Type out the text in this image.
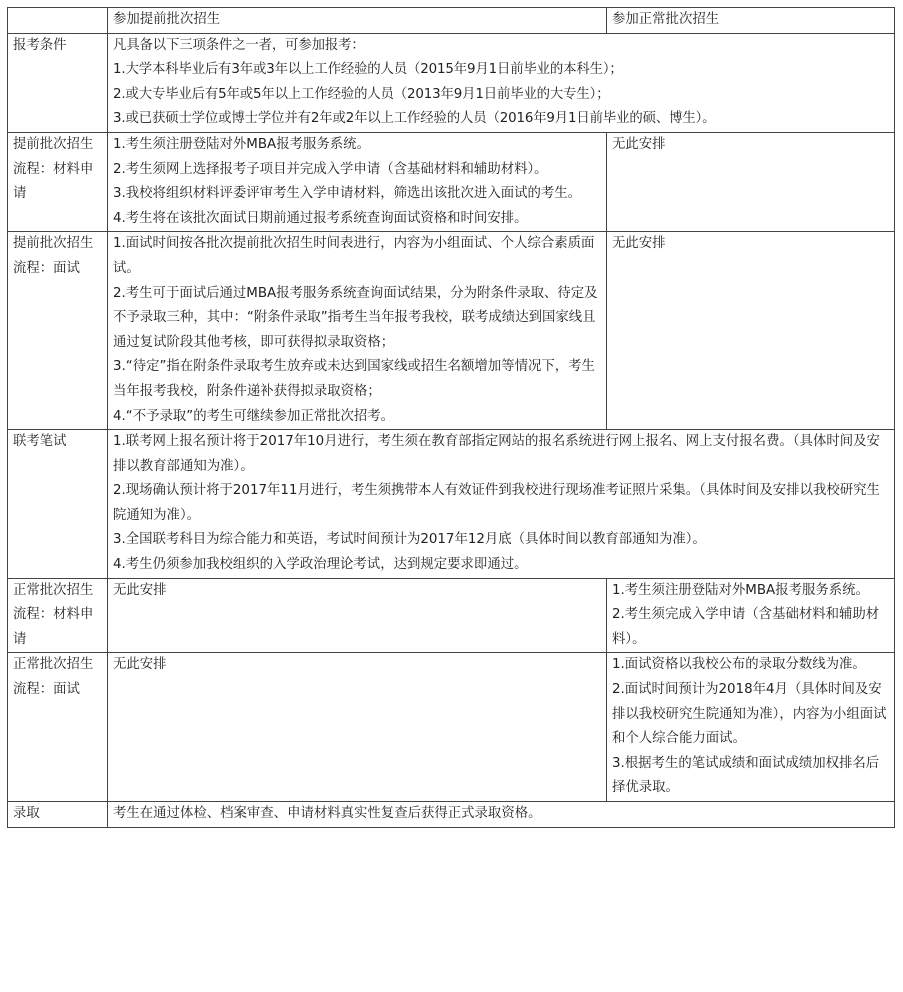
	参加提前批次招生	参加正常批次招生
报考条件	凡具备以下三项条件之一者，可参加报考：
1.大学本科毕业后有3年或3年以上工作经验的人员（2015年9月1日前毕业的本科生）；
2.或大专毕业后有5年或5年以上工作经验的人员（2013年9月1日前毕业的大专生）；
3.或已获硕士学位或博士学位并有2年或2年以上工作经验的人员（2016年9月1日前毕业的硕、博生）。	

提前批次招生流程：材料申请	1.考生须注册登陆对外MBA报考服务系统。
2.考生须网上选择报考子项目并完成入学申请（含基础材料和辅助材料）。
3.我校将组织材料评委评审考生入学申请材料，筛选出该批次进入面试的考生。
4.考生将在该批次面试日期前通过报考系统查询面试资格和时间安排。	无此安排
提前批次招生流程：面试	1.面试时间按各批次提前批次招生时间表进行，内容为小组面试、个人综合素质面试。
2.考生可于面试后通过MBA报考服务系统查询面试结果，分为附条件录取、待定及不予录取三种，其中：“附条件录取”指考生当年报考我校，联考成绩达到国家线且通过复试阶段其他考核，即可获得拟录取资格；
3.“待定”指在附条件录取考生放弃或未达到国家线或招生名额增加等情况下，考生当年报考我校，附条件递补获得拟录取资格；
4.“不予录取”的考生可继续参加正常批次招考。	无此安排
联考笔试	1.联考网上报名预计将于2017年10月进行，考生须在教育部指定网站的报名系统进行网上报名、网上支付报名费。（具体时间及安排以教育部通知为准）。
2.现场确认预计将于2017年11月进行，考生须携带本人有效证件到我校进行现场准考证照片采集。（具体时间及安排以我校研究生院通知为准）。
3.全国联考科目为综合能力和英语，考试时间预计为2017年12月底（具体时间以教育部通知为准）。
4.考生仍须参加我校组织的入学政治理论考试，达到规定要求即通过。	

正常批次招生流程：材料申请	无此安排	1.考生须注册登陆对外MBA报考服务系统。
2.考生须完成入学申请（含基础材料和辅助材料）。

正常批次招生流程：面试	无此安排	1.面试资格以我校公布的录取分数线为准。
2.面试时间预计为2018年4月（具体时间及安排以我校研究生院通知为准），内容为小组面试和个人综合能力面试。
3.根据考生的笔试成绩和面试成绩加权排名后择优录取。

录取	考生在通过体检、档案审查、申请材料真实性复查后获得正式录取资格。	
